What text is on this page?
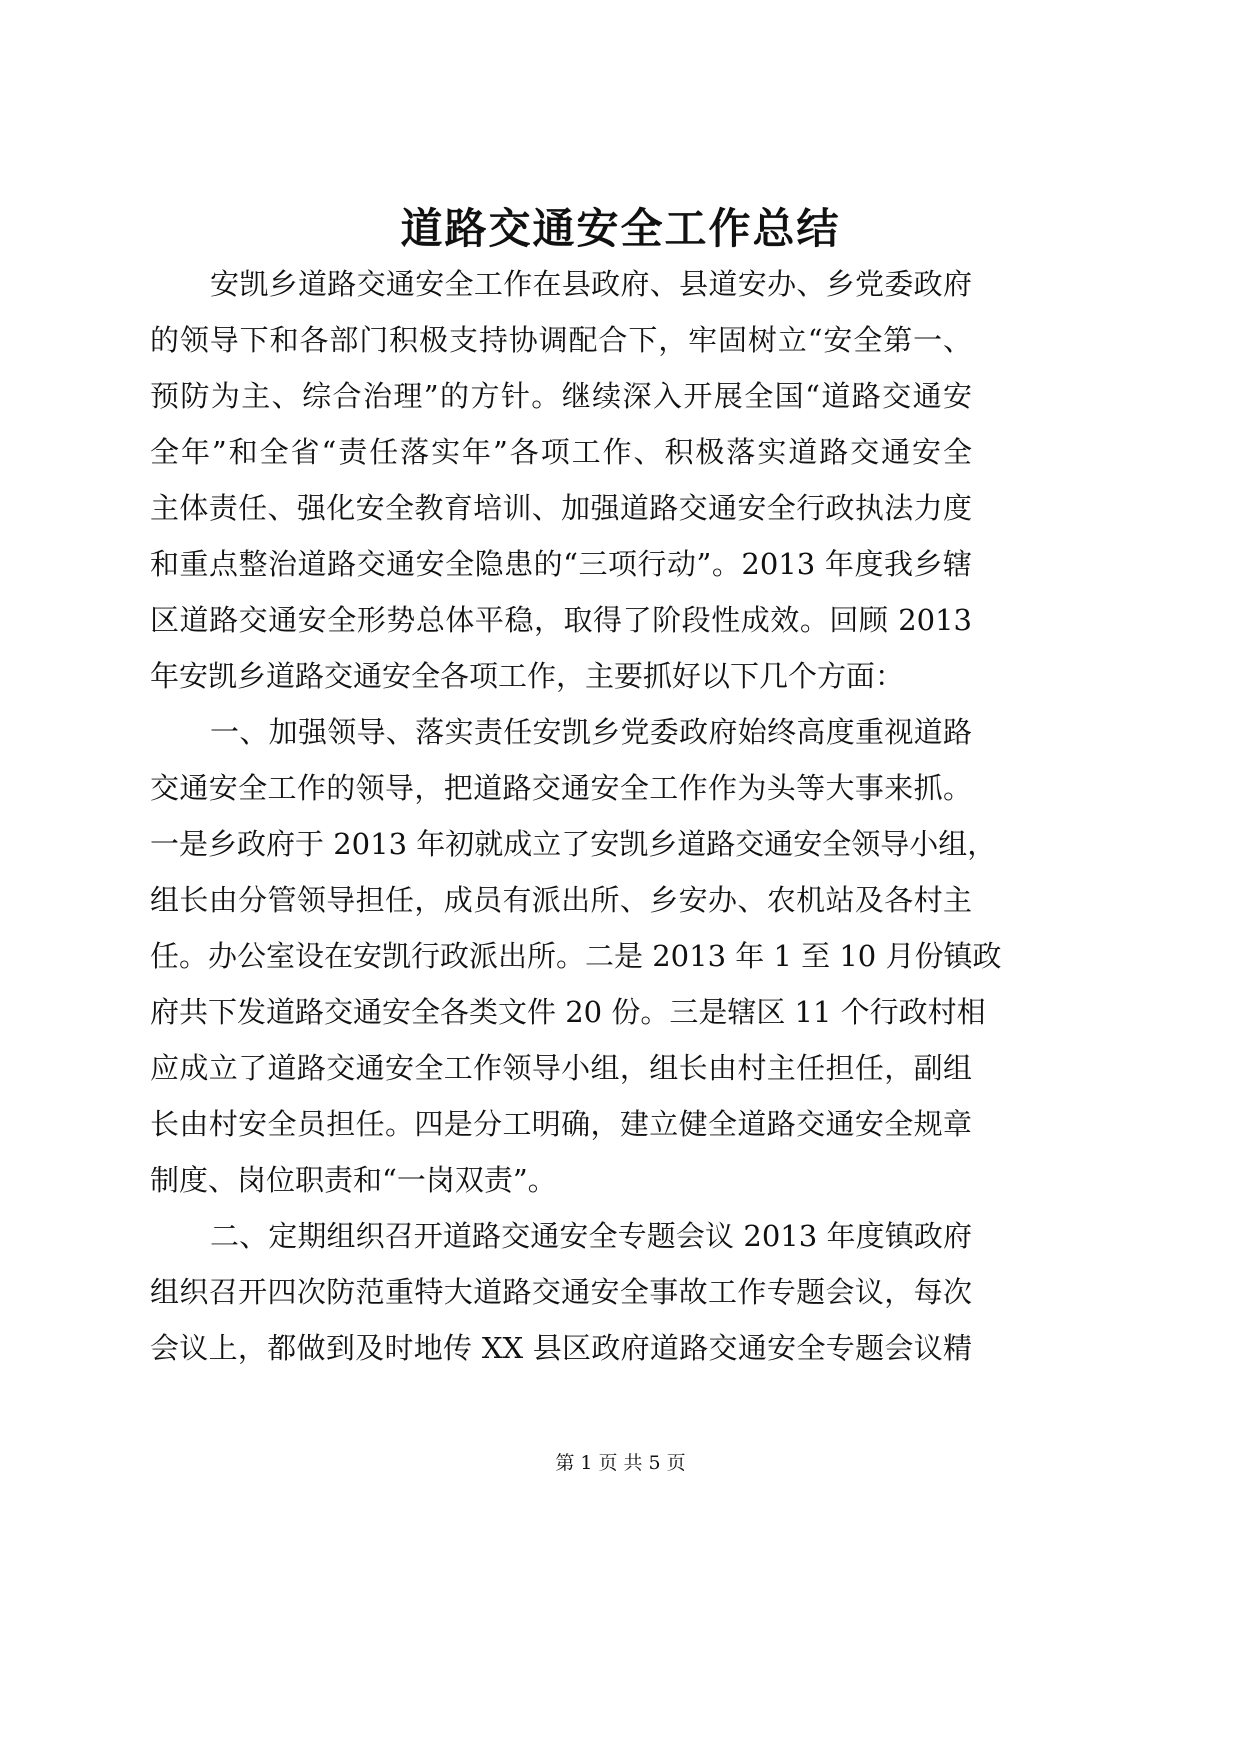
道路交通安全工作总结
安凯乡道路交通安全工作在县政府、县道安办、乡党委政府
的领导下和各部门积极支持协调配合下，牢固树立“安全第一、
预防为主、综合治理”的方针。继续深入开展全国“道路交通安
全年”和全省“责任落实年”各项工作、积极落实道路交通安全
主体责任、强化安全教育培训、加强道路交通安全行政执法力度
和重点整治道路交通安全隐患的“三项行动”。2013 年度我乡辖
区道路交通安全形势总体平稳，取得了阶段性成效。回顾 2013
年安凯乡道路交通安全各项工作，主要抓好以下几个方面：
一、加强领导、落实责任安凯乡党委政府始终高度重视道路
交通安全工作的领导，把道路交通安全工作作为头等大事来抓。
一是乡政府于 2013 年初就成立了安凯乡道路交通安全领导小组，
组长由分管领导担任，成员有派出所、乡安办、农机站及各村主
任。办公室设在安凯行政派出所。二是 2013 年 1 至 10 月份镇政
府共下发道路交通安全各类文件 20 份。三是辖区 11 个行政村相
应成立了道路交通安全工作领导小组，组长由村主任担任，副组
长由村安全员担任。四是分工明确，建立健全道路交通安全规章
制度、岗位职责和“一岗双责”。
二、定期组织召开道路交通安全专题会议 2013 年度镇政府
组织召开四次防范重特大道路交通安全事故工作专题会议，每次
会议上，都做到及时地传 XX 县区政府道路交通安全专题会议精
第 1 页 共 5 页
